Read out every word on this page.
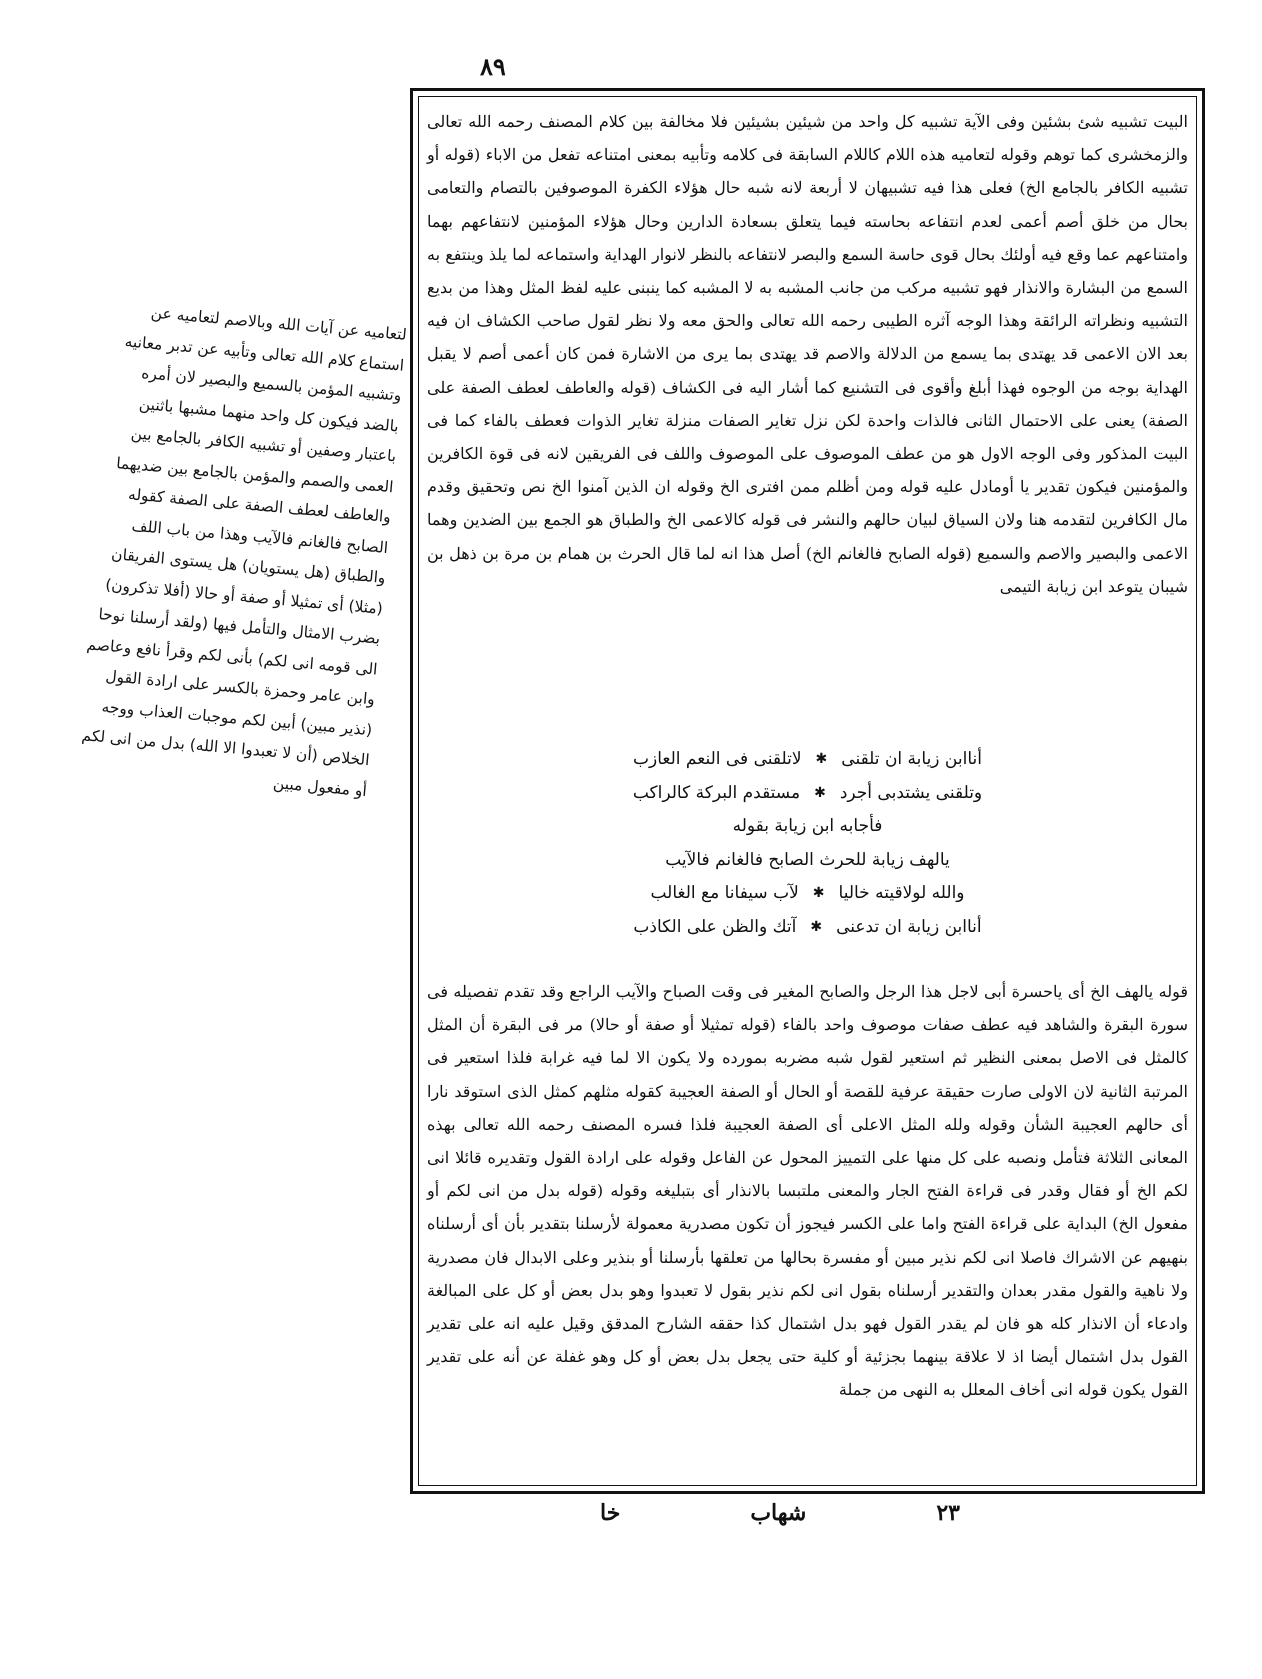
٨٩
البيت تشبيه شئ بشئين وفى الآية تشبيه كل واحد من شيئين بشيئين فلا مخالفة بين كلام المصنف رحمه الله تعالى والزمخشرى كما توهم وقوله لتعاميه هذه اللام كاللام السابقة فى كلامه وتأبيه بمعنى امتناعه تفعل من الاباء (قوله أو تشبيه الكافر بالجامع الخ) فعلى هذا فيه تشبيهان لا أربعة لانه شبه حال هؤلاء الكفرة الموصوفين بالتصام والتعامى بحال من خلق أصم أعمى لعدم انتفاعه بحاسته فيما يتعلق بسعادة الدارين وحال هؤلاء المؤمنين لانتفاعهم بهما وامتناعهم عما وقع فيه أولئك بحال قوى حاسة السمع والبصر لانتفاعه بالنظر لانوار الهداية واستماعه لما يلذ وينتفع به السمع من البشارة والانذار فهو تشبيه مركب من جانب المشبه به لا المشبه كما ينبنى عليه لفظ المثل وهذا من بديع التشبيه ونظراته الرائقة وهذا الوجه آثره الطيبى رحمه الله تعالى والحق معه ولا نظر لقول صاحب الكشاف ان فيه بعد الان الاعمى قد يهتدى بما يسمع من الدلالة والاصم قد يهتدى بما يرى من الاشارة فمن كان أعمى أصم لا يقبل الهداية بوجه من الوجوه فهذا أبلغ وأقوى فى التشنيع كما أشار اليه فى الكشاف (قوله والعاطف لعطف الصفة على الصفة) يعنى على الاحتمال الثانى فالذات واحدة لكن نزل تغاير الصفات منزلة تغاير الذوات فعطف بالفاء كما فى البيت المذكور وفى الوجه الاول هو من عطف الموصوف على الموصوف واللف فى الفريقين لانه فى قوة الكافرين والمؤمنين فيكون تقدير يا أومادل عليه قوله ومن أظلم ممن افترى الخ وقوله ان الذين آمنوا الخ نص وتحقيق وقدم مال الكافرين لتقدمه هنا ولان السياق لبيان حالهم والنشر فى قوله كالاعمى الخ والطباق هو الجمع بين الضدين وهما الاعمى والبصير والاصم والسميع (قوله الصابح فالغانم الخ) أصل هذا انه لما قال الحرث بن همام بن مرة بن ذهل بن شيبان يتوعد ابن زيابة التيمى
أناابن زيابة ان تلقنى
✱
لاتلقنى فى النعم العازب
وتلقنى يشتدبى أجرد
✱
مستقدم البركة كالراكب
فأجابه ابن زيابة بقوله
يالهف زيابة للحرث الصابح فالغانم فالآيب
والله لولاقيته خاليا
✱
لآب سيفانا مع الغالب
أناابن زيابة ان تدعنى
✱
آتك والظن على الكاذب
قوله يالهف الخ أى ياحسرة أبى لاجل هذا الرجل والصابح المغير فى وقت الصباح والآيب الراجع وقد تقدم تفصيله فى سورة البقرة والشاهد فيه عطف صفات موصوف واحد بالفاء (قوله تمثيلا أو صفة أو حالا) مر فى البقرة أن المثل كالمثل فى الاصل بمعنى النظير ثم استعير لقول شبه مضربه بمورده ولا يكون الا لما فيه غرابة فلذا استعير فى المرتبة الثانية لان الاولى صارت حقيقة عرفية للقصة أو الحال أو الصفة العجيبة كقوله مثلهم كمثل الذى استوقد نارا أى حالهم العجيبة الشأن وقوله ولله المثل الاعلى أى الصفة العجيبة فلذا فسره المصنف رحمه الله تعالى بهذه المعانى الثلاثة فتأمل ونصبه على كل منها على التمييز المحول عن الفاعل وقوله على ارادة القول وتقديره قائلا انى لكم الخ أو فقال وقدر فى قراءة الفتح الجار والمعنى ملتبسا بالانذار أى بتبليغه وقوله (قوله بدل من انى لكم أو مفعول الخ) البداية على قراءة الفتح واما على الكسر فيجوز أن تكون مصدرية معمولة لأرسلنا بتقدير بأن أى أرسلناه بنهيهم عن الاشراك فاصلا انى لكم نذير مبين أو مفسرة بحالها من تعلقها بأرسلنا أو بنذير وعلى الابدال فان مصدرية ولا ناهية والقول مقدر بعدان والتقدير أرسلناه بقول انى لكم نذير بقول لا تعبدوا وهو بدل بعض أو كل على المبالغة وادعاء أن الانذار كله هو فان لم يقدر القول فهو بدل اشتمال كذا حققه الشارح المدقق وقيل عليه انه على تقدير القول بدل اشتمال أيضا اذ لا علاقة بينهما بجزئية أو كلية حتى يجعل بدل بعض أو كل وهو غفلة عن أنه على تقدير القول يكون قوله انى أخاف المعلل به النهى من جملة
لتعاميه عن آيات الله وبالاصم لتعاميه عن استماع كلام الله تعالى وتأبيه عن تدبر معانيه وتشبيه المؤمن بالسميع والبصير لان أمره بالضد فيكون كل واحد منهما مشبها باثنين باعتبار وصفين أو تشبيه الكافر بالجامع بين العمى والصمم والمؤمن بالجامع بين ضديهما والعاطف لعطف الصفة على الصفة كقوله الصابح فالغانم فالآيب وهذا من باب اللف والطباق (هل يستويان) هل يستوى الفريقان (مثلا) أى تمثيلا أو صفة أو حالا (أفلا تذكرون) بضرب الامثال والتأمل فيها (ولقد أرسلنا نوحا الى قومه انى لكم) بأنى لكم وقرأ نافع وعاصم وابن عامر وحمزة بالكسر على ارادة القول (نذير مبين) أبين لكم موجبات العذاب ووجه الخلاص (أن لا تعبدوا الا الله) بدل من انى لكم أو مفعول مبين
٢٣
شهاب
خا
